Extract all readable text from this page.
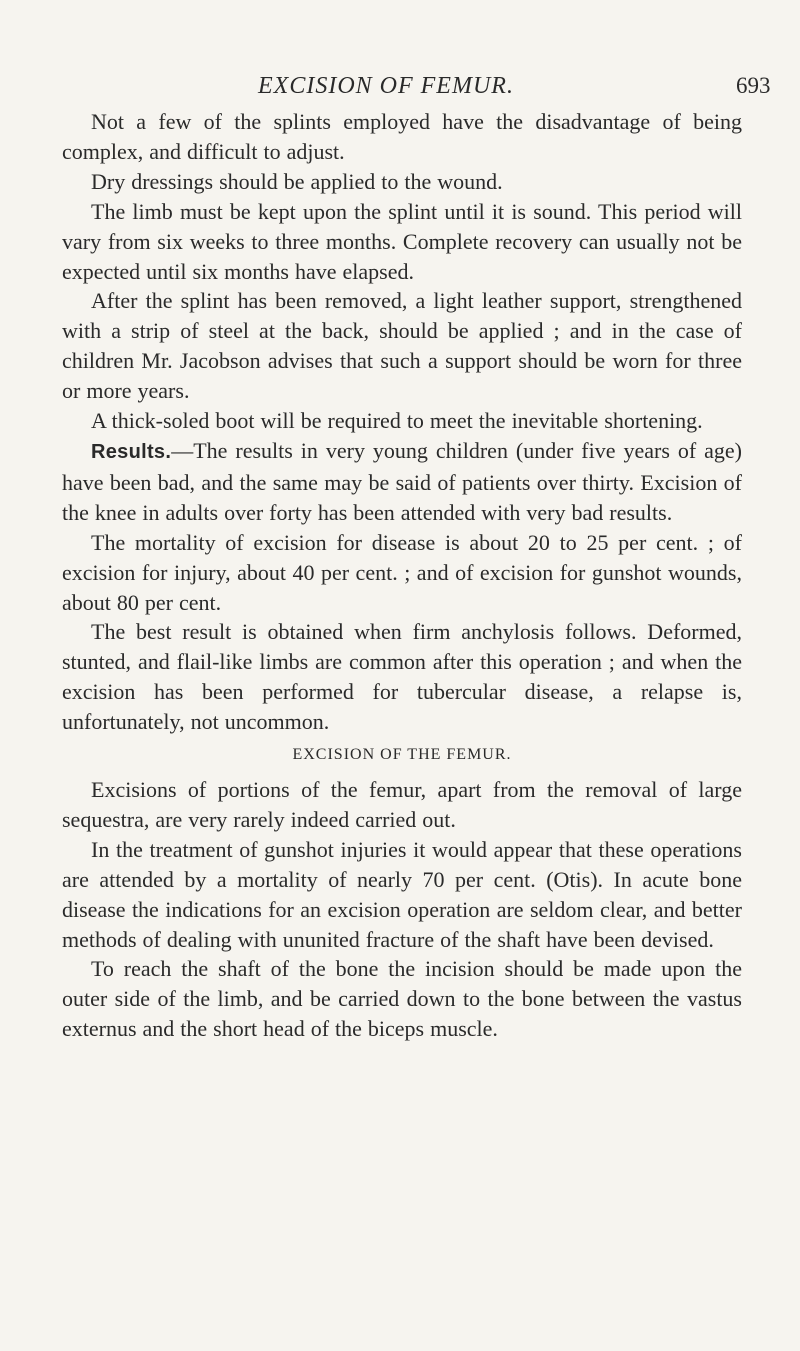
EXCISION OF FEMUR.	693

Not a few of the splints employed have the disadvantage of being complex, and difficult to adjust.

Dry dressings should be applied to the wound.

The limb must be kept upon the splint until it is sound. This period will vary from six weeks to three months. Complete recovery can usually not be expected until six months have elapsed.

After the splint has been removed, a light leather support, strengthened with a strip of steel at the back, should be applied ; and in the case of children Mr. Jacobson advises that such a support should be worn for three or more years.

A thick-soled boot will be required to meet the inevitable shortening.

Results.—The results in very young children (under five years of age) have been bad, and the same may be said of patients over thirty. Excision of the knee in adults over forty has been attended with very bad results.

The mortality of excision for disease is about 20 to 25 per cent. ; of excision for injury, about 40 per cent. ; and of excision for gunshot wounds, about 80 per cent.

The best result is obtained when firm anchylosis follows. Deformed, stunted, and flail-like limbs are common after this operation ; and when the excision has been performed for tubercular disease, a relapse is, unfortunately, not uncommon.

EXCISION OF THE FEMUR.

Excisions of portions of the femur, apart from the removal of large sequestra, are very rarely indeed carried out.

In the treatment of gunshot injuries it would appear that these operations are attended by a mortality of nearly 70 per cent. (Otis). In acute bone disease the indications for an excision operation are seldom clear, and better methods of dealing with ununited fracture of the shaft have been devised.

To reach the shaft of the bone the incision should be made upon the outer side of the limb, and be carried down to the bone between the vastus externus and the short head of the biceps muscle.
